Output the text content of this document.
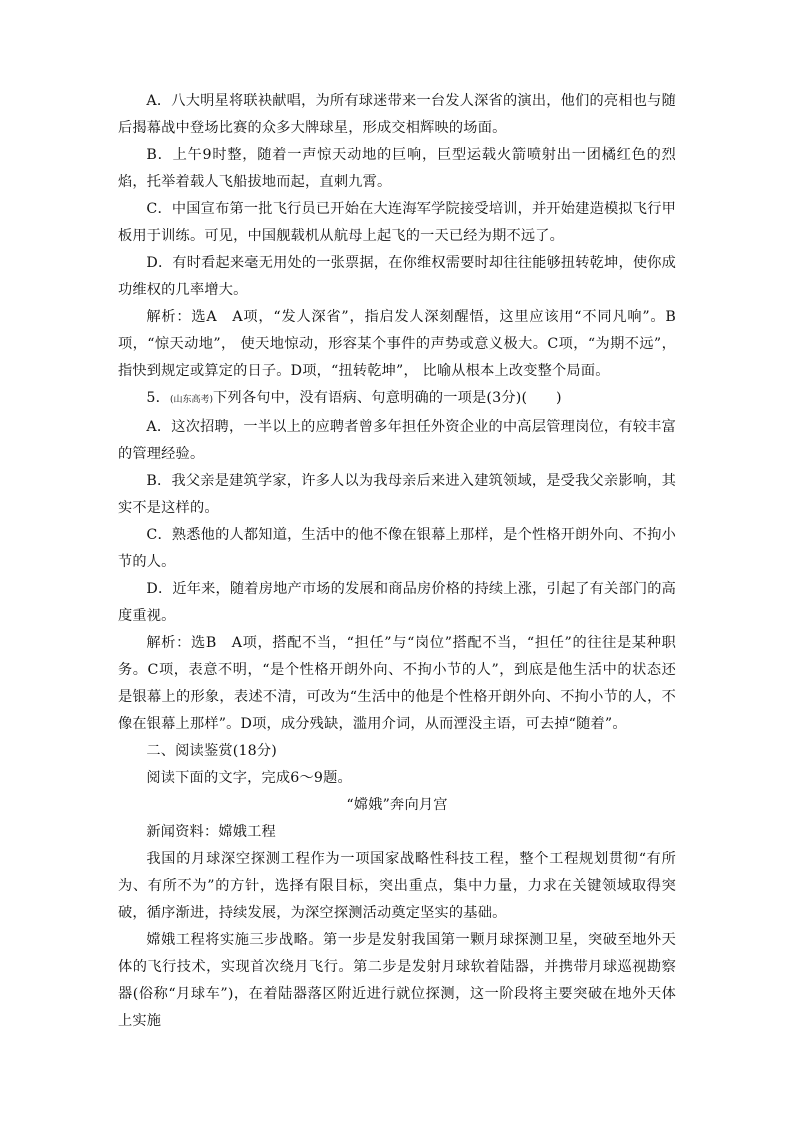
A．八大明星将联袂献唱，为所有球迷带来一台发人深省的演出，他们的亮相也与随后揭幕战中登场比赛的众多大牌球星，形成交相辉映的场面。

B．上午9时整，随着一声惊天动地的巨响，巨型运载火箭喷射出一团橘红色的烈焰，托举着载人飞船拔地而起，直刺九霄。

C．中国宣布第一批飞行员已开始在大连海军学院接受培训，并开始建造模拟飞行甲板用于训练。可见，中国舰载机从航母上起飞的一天已经为期不远了。

D．有时看起来毫无用处的一张票据，在你维权需要时却往往能够扭转乾坤，使你成功维权的几率增大。

解析：选A　A项，“发人深省”，指启发人深刻醒悟，这里应该用“不同凡响”。B项，“惊天动地”， 使天地惊动，形容某个事件的声势或意义极大。C项，“为期不远”， 指快到规定或算定的日子。D项，“扭转乾坤”， 比喻从根本上改变整个局面。

5．(山东高考)下列各句中，没有语病、句意明确的一项是(3分)(　　)

A．这次招聘，一半以上的应聘者曾多年担任外资企业的中高层管理岗位，有较丰富的管理经验。

B．我父亲是建筑学家，许多人以为我母亲后来进入建筑领域，是受我父亲影响，其实不是这样的。

C．熟悉他的人都知道，生活中的他不像在银幕上那样，是个性格开朗外向、不拘小节的人。

D．近年来，随着房地产市场的发展和商品房价格的持续上涨，引起了有关部门的高度重视。

解析：选B　A项，搭配不当，“担任”与“岗位”搭配不当，“担任”的往往是某种职务。C项，表意不明，“是个性格开朗外向、不拘小节的人”，到底是他生活中的状态还是银幕上的形象，表述不清，可改为“生活中的他是个性格开朗外向、不拘小节的人，不像在银幕上那样”。D项，成分残缺，滥用介词，从而湮没主语，可去掉“随着”。

二、阅读鉴赏(18分)

阅读下面的文字，完成6～9题。

“嫦娥”奔向月宫

新闻资料：嫦娥工程

我国的月球深空探测工程作为一项国家战略性科技工程，整个工程规划贯彻“有所为、有所不为”的方针，选择有限目标，突出重点，集中力量，力求在关键领域取得突破，循序渐进，持续发展，为深空探测活动奠定坚实的基础。

嫦娥工程将实施三步战略。第一步是发射我国第一颗月球探测卫星，突破至地外天体的飞行技术，实现首次绕月飞行。第二步是发射月球软着陆器，并携带月球巡视勘察器(俗称“月球车”)，在着陆器落区附近进行就位探测，这一阶段将主要突破在地外天体上实施
